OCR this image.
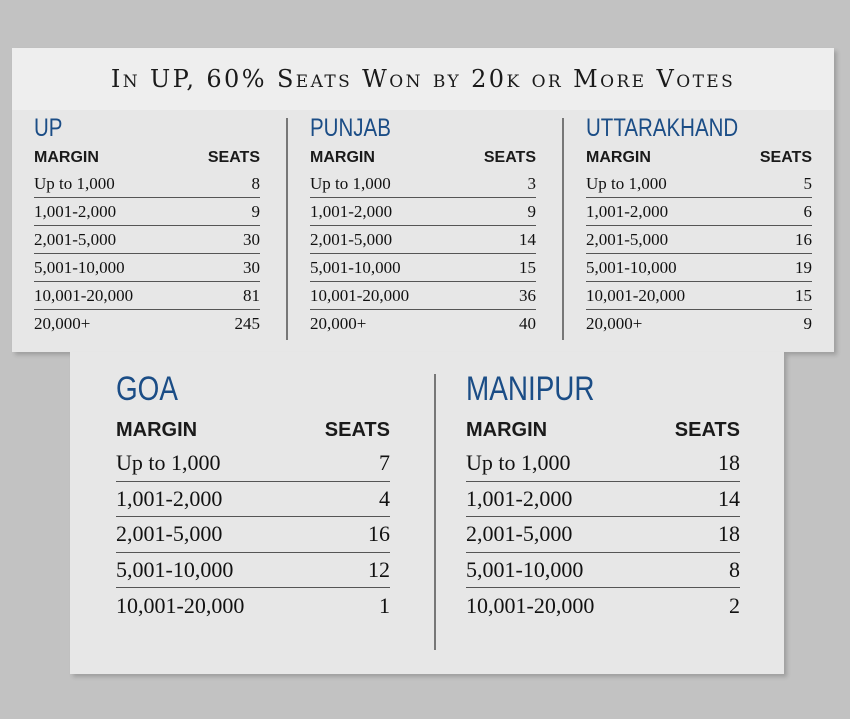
In UP, 60% Seats Won by 20k or More Votes
UP
MARGIN	SEATS
Up to 1,000	8
1,001-2,000	9
2,001-5,000	30
5,001-10,000	30
10,001-20,000	81
20,000+	245
PUNJAB
MARGIN	SEATS
Up to 1,000	3
1,001-2,000	9
2,001-5,000	14
5,001-10,000	15
10,001-20,000	36
20,000+	40
UTTARAKHAND
MARGIN	SEATS
Up to 1,000	5
1,001-2,000	6
2,001-5,000	16
5,001-10,000	19
10,001-20,000	15
20,000+	9
GOA
MARGIN	SEATS
Up to 1,000	7
1,001-2,000	4
2,001-5,000	16
5,001-10,000	12
10,001-20,000	1
MANIPUR
MARGIN	SEATS
Up to 1,000	18
1,001-2,000	14
2,001-5,000	18
5,001-10,000	8
10,001-20,000	2
